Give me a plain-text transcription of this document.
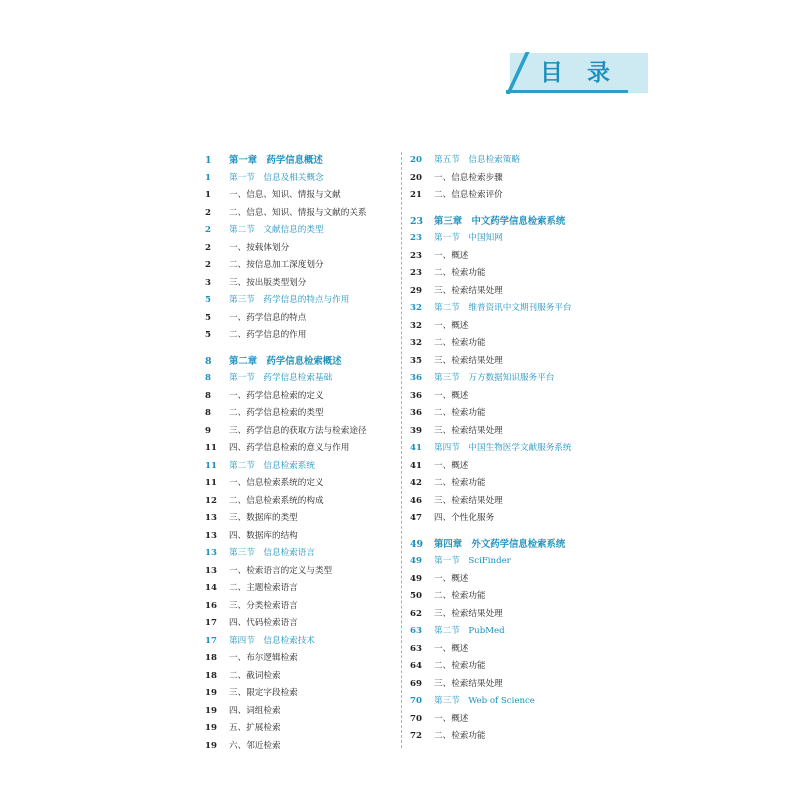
目 录
1	第一章　药学信息概述
1	第一节　信息及相关概念
1	一、信息、知识、情报与文献
2	二、信息、知识、情报与文献的关系
2	第二节　文献信息的类型
2	一、按载体划分
2	二、按信息加工深度划分
3	三、按出版类型划分
5	第三节　药学信息的特点与作用
5	一、药学信息的特点
5	二、药学信息的作用
8	第二章　药学信息检索概述
8	第一节　药学信息检索基础
8	一、药学信息检索的定义
8	二、药学信息检索的类型
9	三、药学信息的获取方法与检索途径
11	四、药学信息检索的意义与作用
11	第二节　信息检索系统
11	一、信息检索系统的定义
12	二、信息检索系统的构成
13	三、数据库的类型
13	四、数据库的结构
13	第三节　信息检索语言
13	一、检索语言的定义与类型
14	二、主题检索语言
16	三、分类检索语言
17	四、代码检索语言
17	第四节　信息检索技术
18	一、布尔逻辑检索
18	二、截词检索
19	三、限定字段检索
19	四、词组检索
19	五、扩展检索
19	六、邻近检索
20	第五节　信息检索策略
20	一、信息检索步骤
21	二、信息检索评价
23	第三章　中文药学信息检索系统
23	第一节　中国知网
23	一、概述
23	二、检索功能
29	三、检索结果处理
32	第二节　维普资讯中文期刊服务平台
32	一、概述
32	二、检索功能
35	三、检索结果处理
36	第三节　万方数据知识服务平台
36	一、概述
36	二、检索功能
39	三、检索结果处理
41	第四节　中国生物医学文献服务系统
41	一、概述
42	二、检索功能
46	三、检索结果处理
47	四、个性化服务
49	第四章　外文药学信息检索系统
49	第一节　SciFinder
49	一、概述
50	二、检索功能
62	三、检索结果处理
63	第二节　PubMed
63	一、概述
64	二、检索功能
69	三、检索结果处理
70	第三节　Web of Science
70	一、概述
72	二、检索功能
